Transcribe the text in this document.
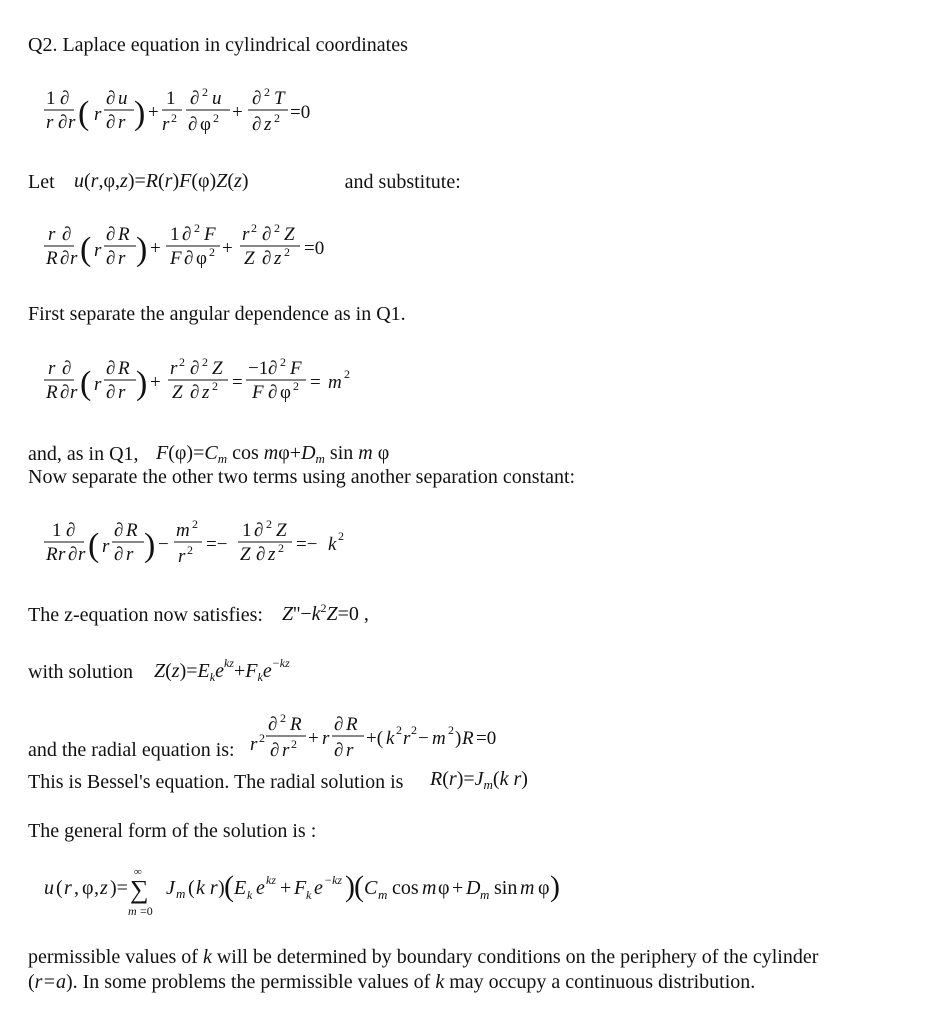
Q2. Laplace equation in cylindrical coordinates
1 ∂
r ∂ r ( r
∂ u
∂ r ) +
1
r 2
∂ 2 u
∂ φ 2 +
∂ 2 T
∂ z 2 =0
Let u(r,φ,z)=R(r)F(φ)Z(z)	and substitute:
r ∂
R ∂ r ( r
∂ R
∂ r ) +
1 ∂ 2 F
F ∂ φ 2 +
r 2 ∂ 2 Z
Z ∂ z 2 =0
First separate the angular dependence as in Q1.
r ∂
R ∂ r ( r
∂ R
∂ r ) +
r 2 ∂ 2 Z
Z ∂ z 2 =
−1 ∂ 2 F
F ∂ φ 2 = m 2
and, as in Q1, $F(\varphi)=C_m$ $\cos m\varphi+D_m$ sin m φ
Now separate the other two terms using another separation constant:
1 ∂
R r ∂ r ( r
∂ R
∂ r ) −
m 2
r 2 =−
1 ∂ 2 Z
Z ∂ z 2 =− k 2
The z-equation now satisfies: $Z''-k^2Z=0$ ,
with solution $Z(z)=E_ke^{kz}+F_ke^{-kz}$
and the radial equation is: r 2
∂ 2 R
∂ r 2 + r
∂ R
∂ r
+( k 2 r 2 − m 2 ) R =0
This is Bessel's equation. The radial solution is $R(r)=J_m(k$ r)
The general form of the solution is :
u ( r , φ , z )=
∞
∑
m =0
J m ( k r ) ( E k e kz + F k e −kz ) ( C m cos m φ + D m sin m φ )
permissible values of k will be determined by boundary conditions on the periphery of the cylinder
(r=a). In some problems the permissible values of k may occupy a continuous distribution.
